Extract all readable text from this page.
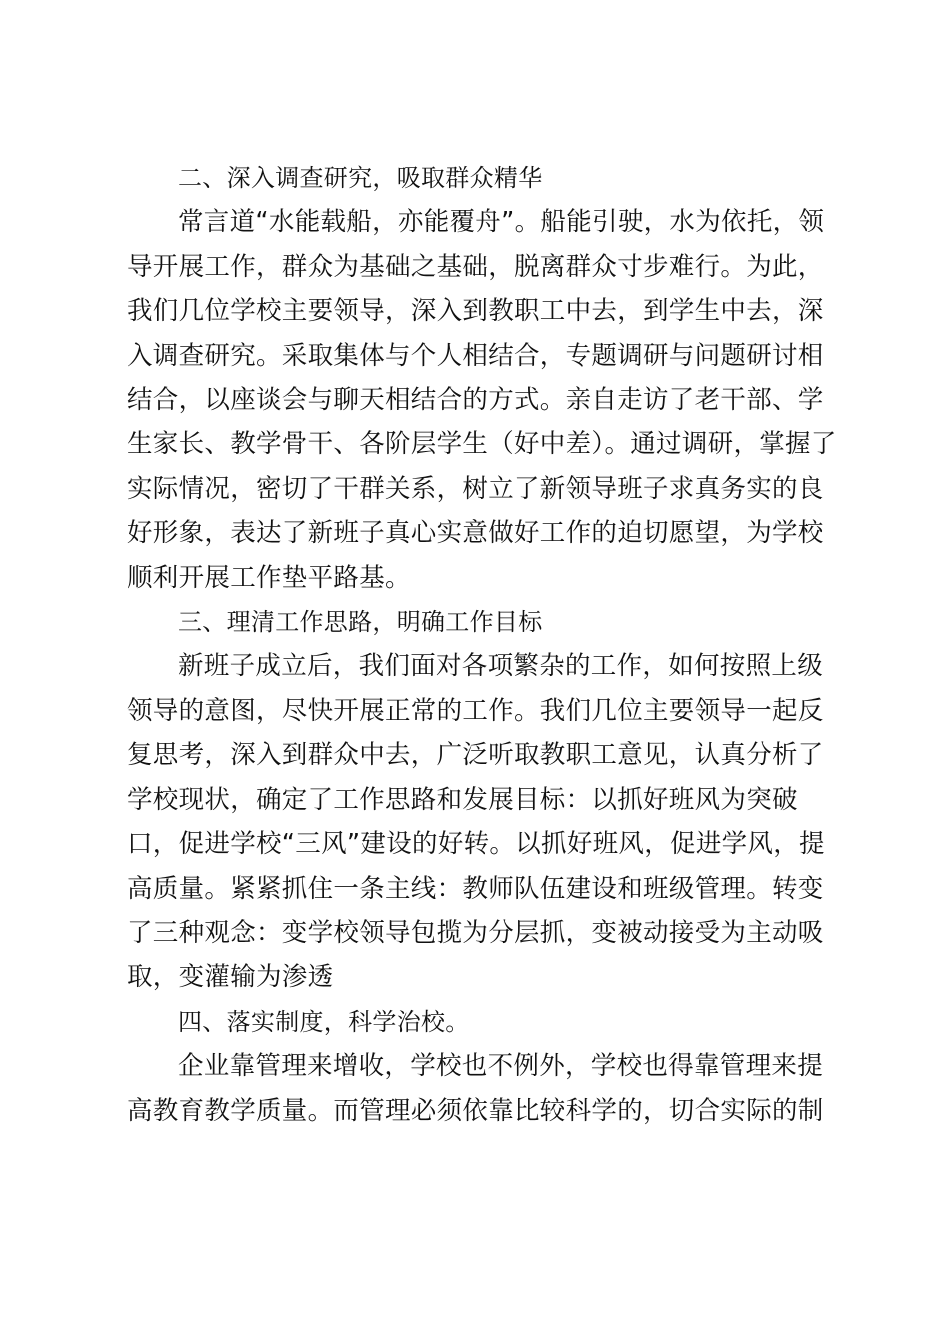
二、深入调查研究，吸取群众精华

常言道“水能载船，亦能覆舟”。船能引驶，水为依托，领导开展工作，群众为基础之基础，脱离群众寸步难行。为此，我们几位学校主要领导，深入到教职工中去，到学生中去，深入调查研究。采取集体与个人相结合，专题调研与问题研讨相结合，以座谈会与聊天相结合的方式。亲自走访了老干部、学生家长、教学骨干、各阶层学生（好中差）。通过调研，掌握了实际情况，密切了干群关系，树立了新领导班子求真务实的良好形象，表达了新班子真心实意做好工作的迫切愿望，为学校顺利开展工作垫平路基。

三、理清工作思路，明确工作目标

新班子成立后，我们面对各项繁杂的工作，如何按照上级领导的意图，尽快开展正常的工作。我们几位主要领导一起反复思考，深入到群众中去，广泛听取教职工意见，认真分析了学校现状，确定了工作思路和发展目标：以抓好班风为突破口，促进学校“三风”建设的好转。以抓好班风，促进学风，提高质量。紧紧抓住一条主线：教师队伍建设和班级管理。转变了三种观念：变学校领导包揽为分层抓，变被动接受为主动吸取，变灌输为渗透

四、落实制度，科学治校。

企业靠管理来增收，学校也不例外，学校也得靠管理来提高教育教学质量。而管理必须依靠比较科学的，切合实际的制
